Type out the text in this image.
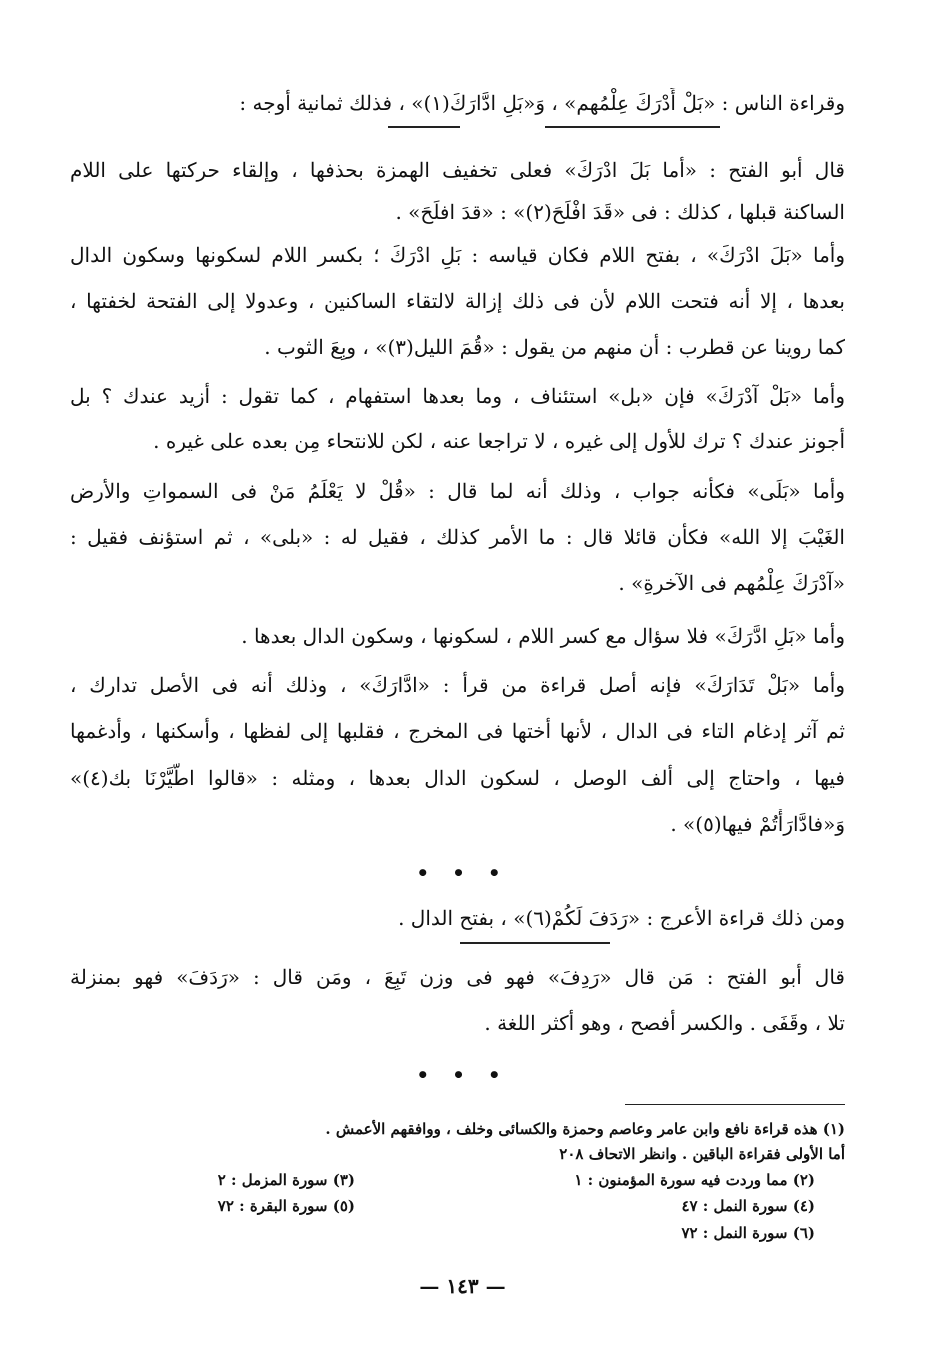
وقراءة الناس : «بَلْ أَدْرَكَ عِلْمُهم» ، وَ«بَلِ ادَّارَكَ(١)» ، فذلك ثمانية أوجه :
قال أبو الفتح : «أما بَلَ ادْرَكَ» فعلى تخفيف الهمزة بحذفها ، وإلقاء حركتها على اللام
الساكنة قبلها ، كذلك : فى «قَدَ افْلَحَ(٢)» : «قدَ افلَحَ» .
وأما «بَلَ ادْرَكَ» ، بفتح اللام فكان قياسه : بَلِ ادْرَكَ ؛ بكسر اللام لسكونها وسكون الدال
بعدها ، إلا أنه فتحت اللام لأن فى ذلك إزالة لالتقاء الساكنين ، وعدولا إلى الفتحة لخفتها ،
كما روينا عن قطرب : أن منهم من يقول : «قُمَ الليل(٣)» ، وبِعَ الثوب .
وأما «بَلْ آدْرَكَ» فإن «بل» استئناف ، وما بعدها استفهام ، كما تقول : أزيد عندك ؟ بل
أجونز عندك ؟ ترك للأول إلى غيره ، لا تراجعا عنه ، لكن للانتحاء مِن بعده على غيره .
وأما «بَلَى» فكأنه جواب ، وذلك أنه لما قال : «قُلْ لا يَعْلَمُ مَنْ فى السمواتِ والأرض
الغَيْبَ إلا الله» فكأن قائلا قال : ما الأمر كذلك ، فقيل له : «بلى» ، ثم استؤنف فقيل :
«آدْرَكَ عِلْمُهم فى الآخرةِ» .
وأما «بَلِ ادَّرَكَ» فلا سؤال مع كسر اللام ، لسكونها ، وسكون الدال بعدها .
وأما «بَلْ تَدَارَكَ» فإنه أصل قراءة من قرأ : «ادَّارَكَ» ، وذلك أنه فى الأصل تدارك ،
ثم آثر إدغام التاء فى الدال ، لأنها أختها فى المخرج ، فقلبها إلى لفظها ، وأسكنها ، وأدغمها
فيها ، واحتاج إلى ألف الوصل ، لسكون الدال بعدها ، ومثله : «قالوا اطَّيَّرْنَا بك(٤)»
وَ«فادَّارَأْتُمْ فيها(٥)» .
• • •
ومن ذلك قراءة الأعرج : «رَدَفَ لَكُمْ(٦)» ، بفتح الدال .
قال أبو الفتح : مَن قال «رَدِفَ» فهو فى وزن تَبِعَ ، ومَن قال : «رَدَفَ» فهو بمنزلة
تلا ، وقَفَى . والكسر أفصح ، وهو أكثر اللغة .
• • •
(١) هذه قراءة نافع وابن عامر وعاصم وحمزة والكسائى وخلف ، ووافقهم الأعمش .
أما الأولى فقراءة الباقين . وانظر الاتحاف ٢٠٨
(٢) مما وردت فيه سورة المؤمنون : ١
(٣) سورة المزمل : ٢
(٤) سورة النمل : ٤٧
(٥) سورة البقرة : ٧٢
(٦) سورة النمل : ٧٢
— ١٤٣ —
